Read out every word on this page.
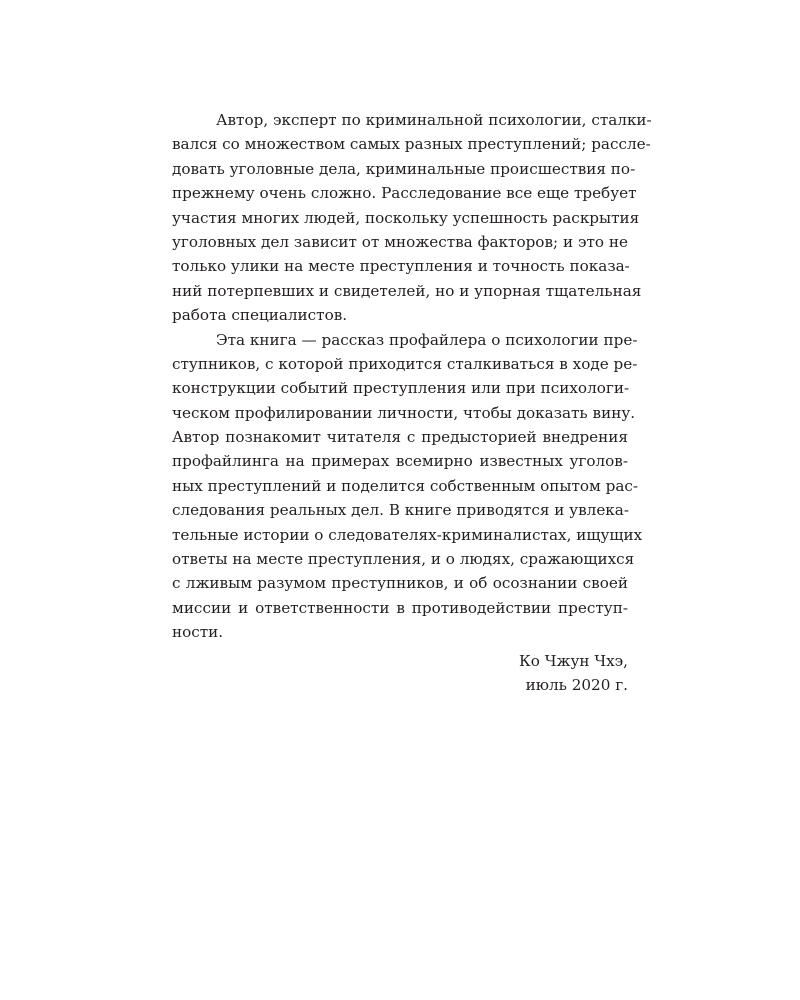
Автор, эксперт по криминальной психологии, сталки-
вался со множеством самых разных преступлений; рассле-
довать уголовные дела, криминальные происшествия по-
прежнему очень сложно. Расследование все еще требует
участия многих людей, поскольку успешность раскрытия
уголовных дел зависит от множества факторов; и это не
только улики на месте преступления и точность показа-
ний потерпевших и свидетелей, но и упорная тщательная
работа специалистов.
Эта книга — рассказ профайлера о психологии пре-
ступников, с которой приходится сталкиваться в ходе ре-
конструкции событий преступления или при психологи-
ческом профилировании личности, чтобы доказать вину.
Автор познакомит читателя с предысторией внедрения
профайлинга на примерах всемирно известных уголов-
ных преступлений и поделится собственным опытом рас-
следования реальных дел. В книге приводятся и увлека-
тельные истории о следователях-криминалистах, ищущих
ответы на месте преступления, и о людях, сражающихся
с лживым разумом преступников, и об осознании своей
миссии и ответственности в противодействии преступ-
ности.
Ко Чжун Чхэ,
июль 2020 г.
